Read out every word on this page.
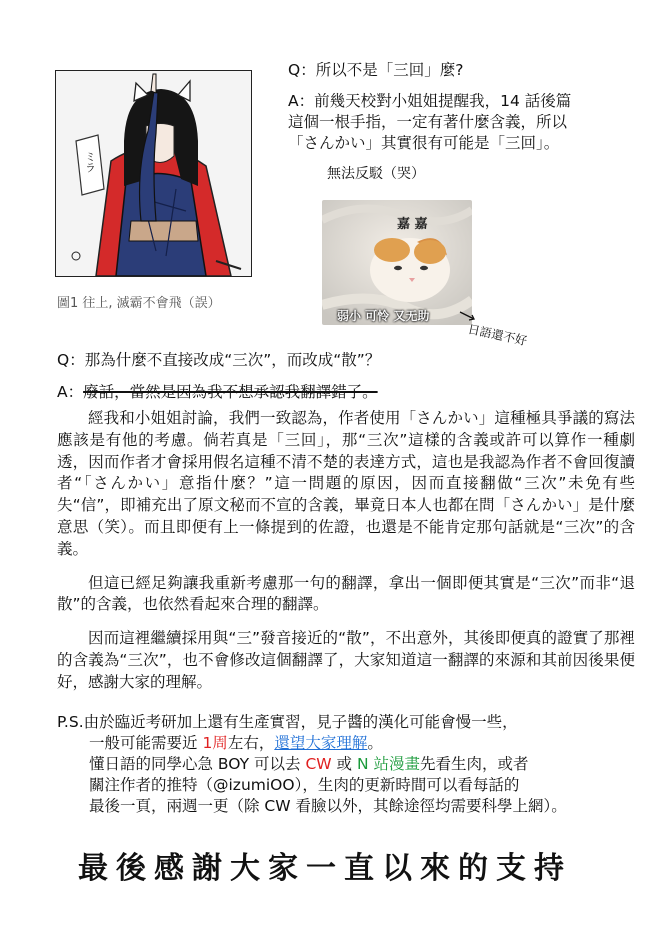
ミラ
圖1 往上, 滅霸不會飛（誤）

Q：所以不是「三回」麼?

A：前幾天校對小姐姐提醒我，14 話後篇

這個一根手指，一定有著什麼含義，所以

「さんかい」其實很有可能是「三回」。

無法反駁（哭）
嘉 嘉
弱小 可怜 又无助
日語還不好
Q：那為什麼不直接改成“三次”，而改成“散”？
A：廢話，當然是因為我不想承認我翻譯錯了。

經我和小姐姐討論，我們一致認為，作者使用「さんかい」這種極具爭議的寫法應該是有他的考慮。倘若真是「三回」，那“三次”這樣的含義或許可以算作一種劇透，因而作者才會採用假名這種不清不楚的表達方式，這也是我認為作者不會回復讀者“「さんかい」意指什麼？”這一問題的原因，因而直接翻做“三次”未免有些失“信”，即補充出了原文秘而不宣的含義，畢竟日本人也都在問「さんかい」是什麼意思（笑）。而且即便有上一條提到的佐證，也還是不能肯定那句話就是“三次”的含義。

但這已經足夠讓我重新考慮那一句的翻譯，拿出一個即便其實是“三次”而非“退散”的含義，也依然看起來合理的翻譯。

因而這裡繼續採用與“三”發音接近的“散”，不出意外，其後即便真的證實了那裡的含義為“三次”，也不會修改這個翻譯了，大家知道這一翻譯的來源和其前因後果便好，感謝大家的理解。

P.S.由於臨近考研加上還有生產實習，見子醬的漢化可能會慢一些，

一般可能需要近 1周左右，還望大家理解。

懂日語的同學心急 BOY 可以去 CW 或 N 站漫畫先看生肉，或者

關注作者的推特（@izumiOO），生肉的更新時間可以看每話的

最後一頁，兩週一更（除 CW 看臉以外，其餘途徑均需要科學上網）。

最後感謝大家一直以來的支持
